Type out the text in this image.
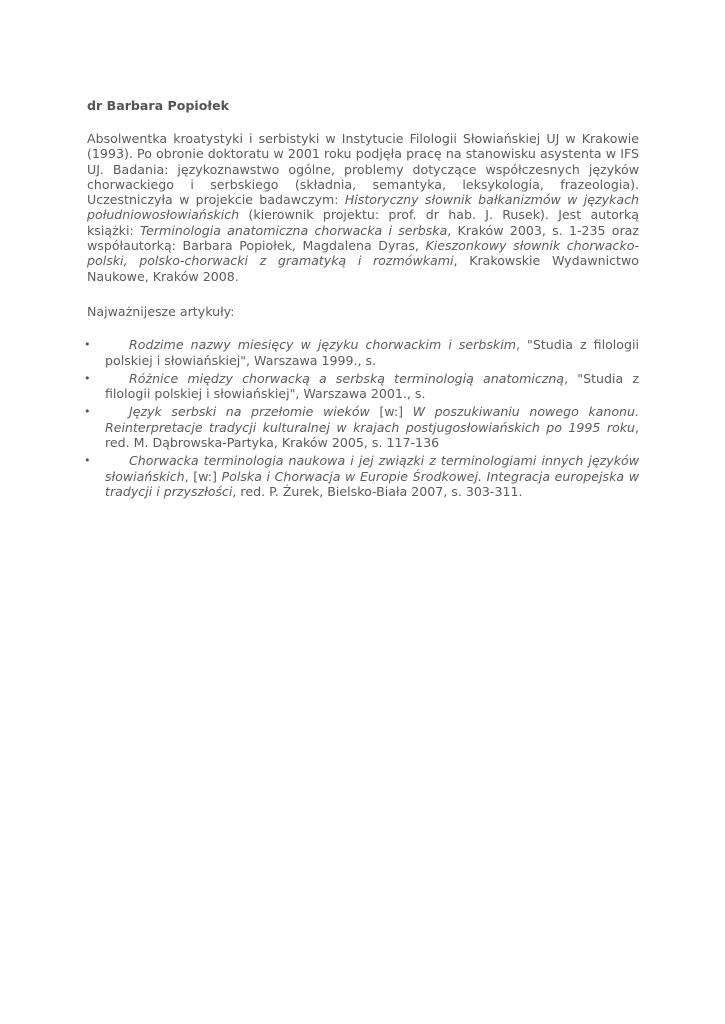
dr Barbara Popiołek

Absolwentka kroatystyki i serbistyki w Instytucie Filologii Słowiańskiej UJ w Krakowie (1993). Po obronie doktoratu w 2001 roku podjęła pracę na stanowisku asystenta w IFS UJ. Badania: językoznawstwo ogólne, problemy dotyczące współczesnych języków chorwackiego i serbskiego (składnia, semantyka, leksykologia, frazeologia). Uczestniczyła w projekcie badawczym: Historyczny słownik bałkanizmów w językach południowosłowiańskich (kierownik projektu: prof. dr hab. J. Rusek). Jest autorką książki: Terminologia anatomiczna chorwacka i serbska, Kraków 2003, s. 1-235 oraz współautorką: Barbara Popiołek, Magdalena Dyras, Kieszonkowy słownik chorwacko-polski, polsko-chorwacki z gramatyką i rozmówkami, Krakowskie Wydawnictwo Naukowe, Kraków 2008.

Najważnijesze artykuły:
•	Rodzime nazwy miesięcy w języku chorwackim i serbskim, "Studia z filologii polskiej i słowiańskiej", Warszawa 1999., s.
•	Różnice między chorwacką a serbską terminologią anatomiczną, "Studia z filologii polskiej i słowiańskiej", Warszawa 2001., s.
•	Język serbski na przełomie wieków [w:] W poszukiwaniu nowego kanonu. Reinterpretacje tradycji kulturalnej w krajach postjugosłowiańskich po 1995 roku, red. M. Dąbrowska-Partyka, Kraków 2005, s. 117-136
•	Chorwacka terminologia naukowa i jej związki z terminologiami innych języków słowiańskich, [w:] Polska i Chorwacja w Europie Środkowej. Integracja europejska w tradycji i przyszłości, red. P. Żurek, Bielsko-Biała 2007, s. 303-311.
